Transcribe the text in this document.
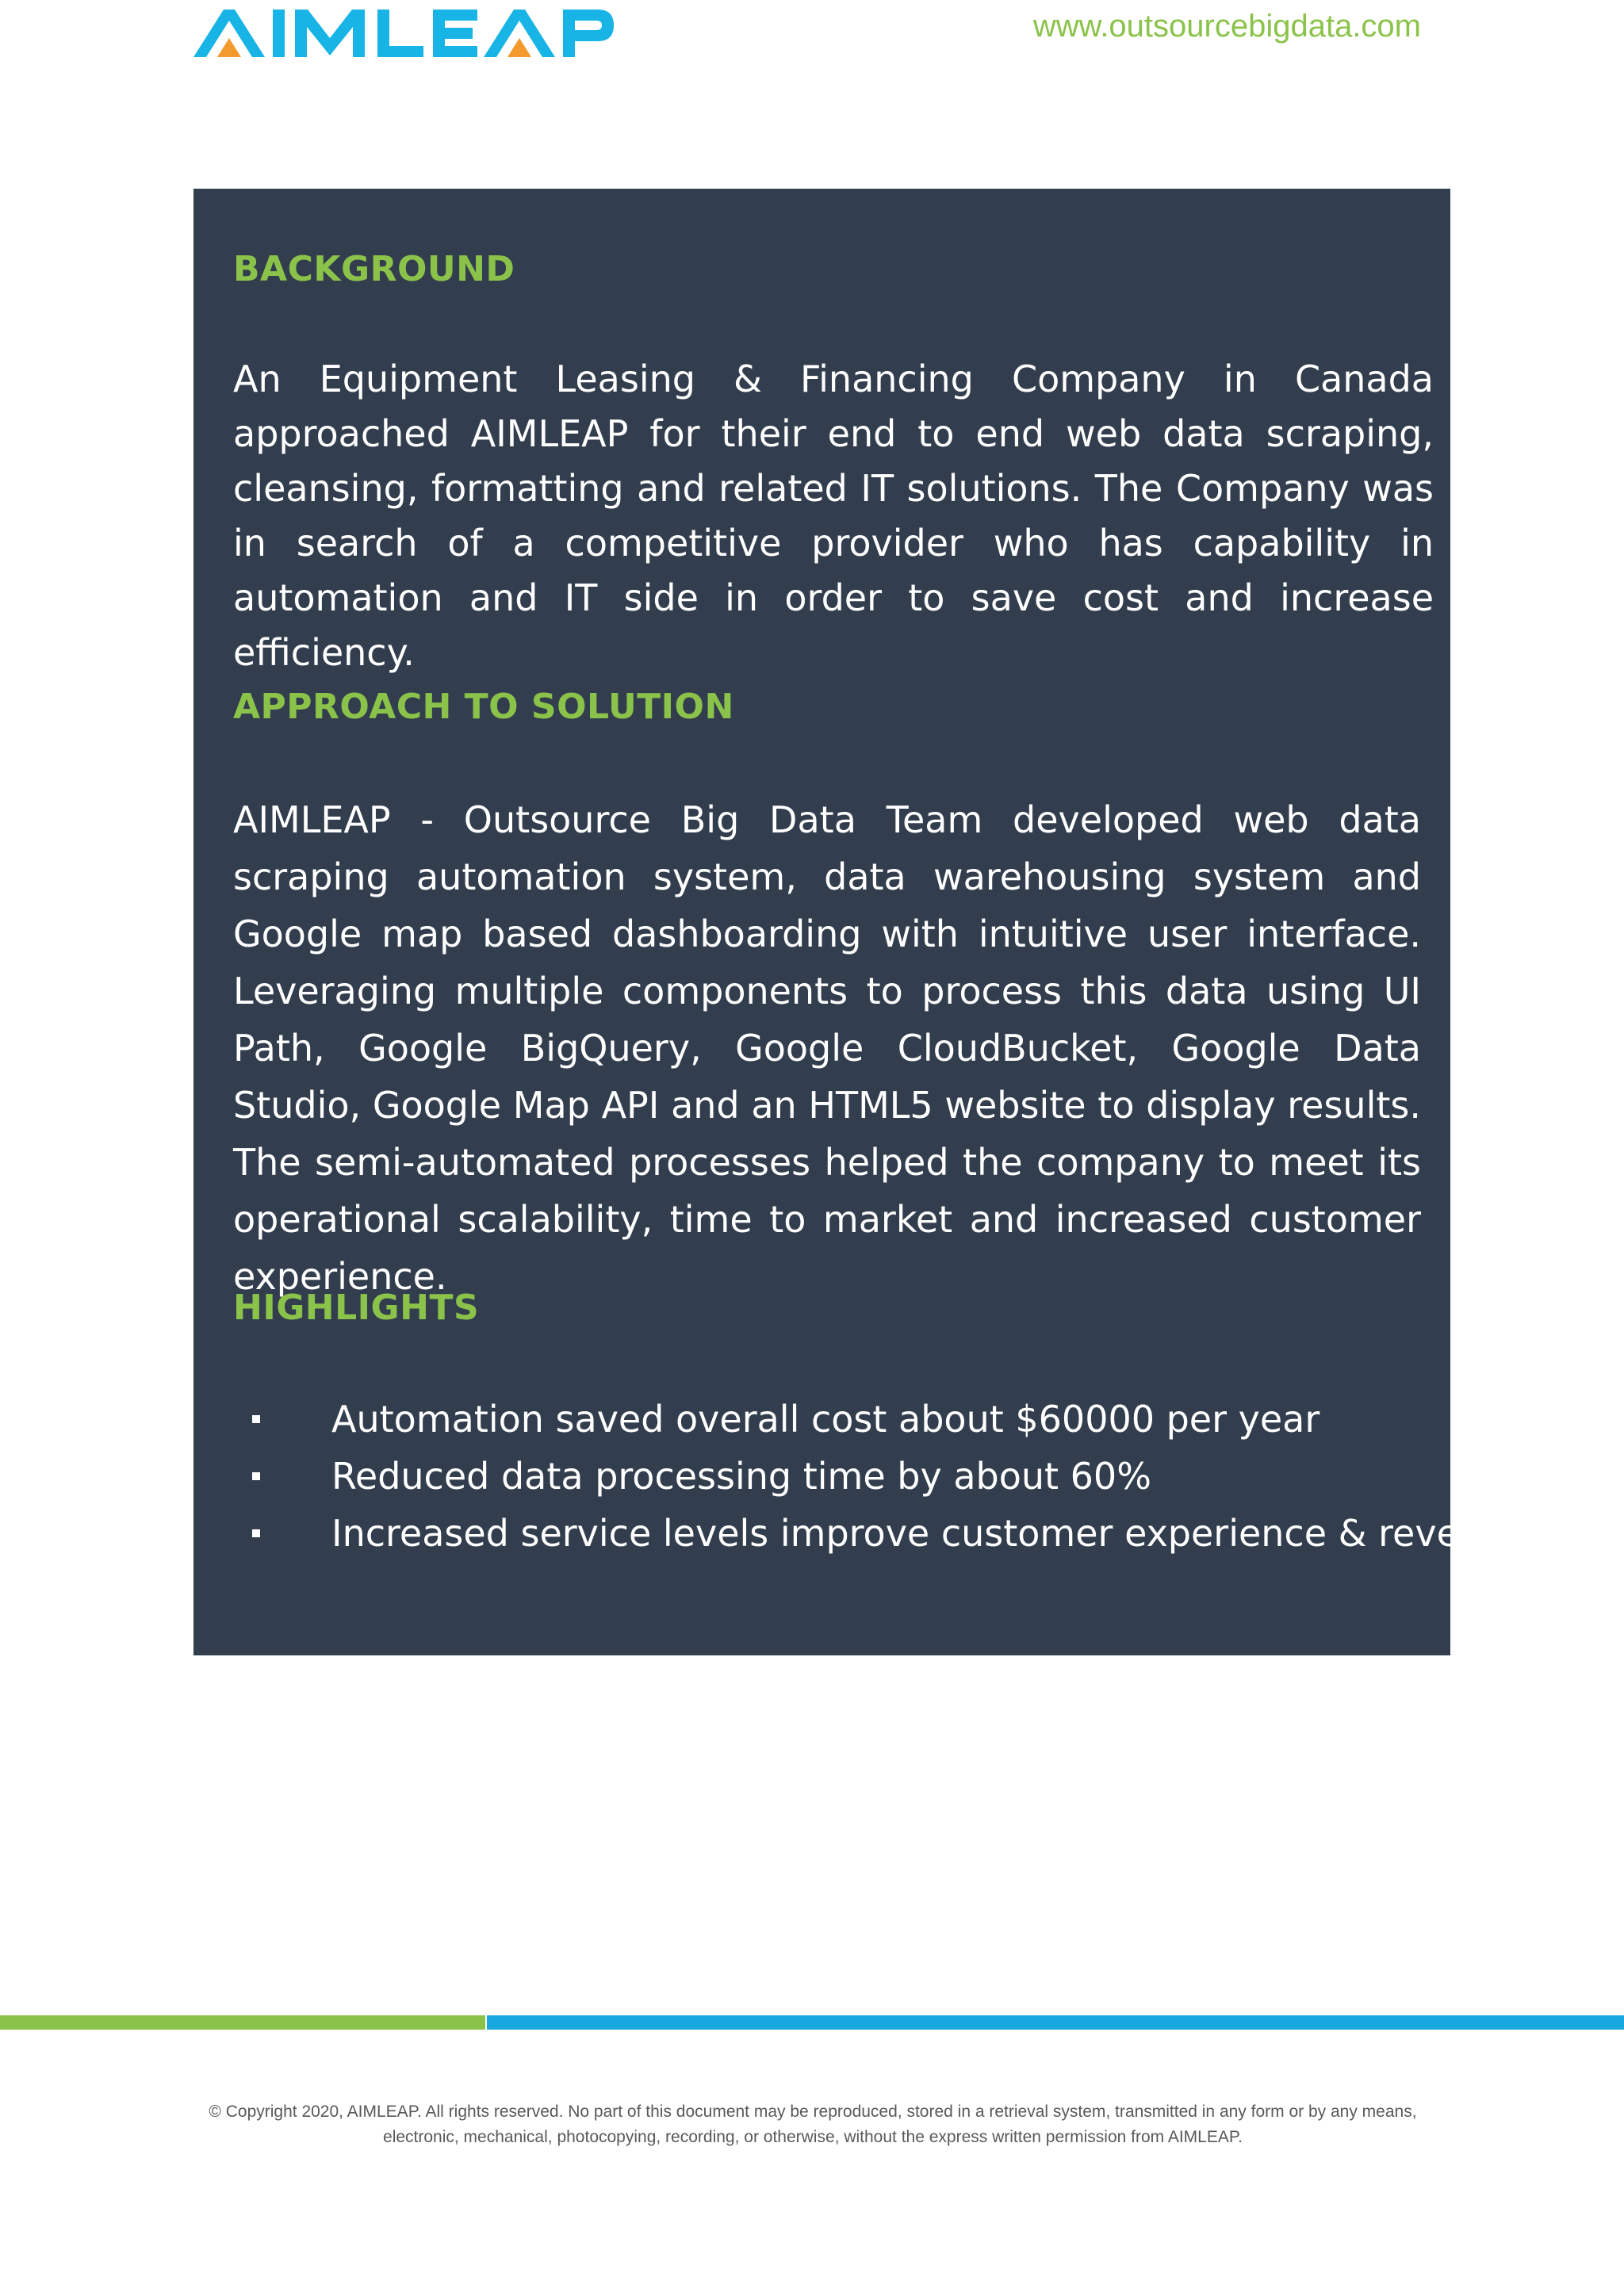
www.outsourcebigdata.com
BACKGROUND
An Equipment Leasing & Financing Company in Canada approached AIMLEAP for their end to end web data scraping, cleansing, formatting and related IT solutions. The Company was in search of a competitive provider who has capability in automation and IT side in order to save cost and increase efficiency.
APPROACH TO SOLUTION
AIMLEAP - Outsource Big Data Team developed web data scraping automation system, data warehousing system and Google map based dashboarding with intuitive user interface. Leveraging multiple components to process this data using UI Path, Google BigQuery, Google CloudBucket, Google Data Studio, Google Map API and an HTML5 website to display results. The semi-automated processes helped the company to meet its operational scalability, time to market and increased customer experience.
HIGHLIGHTS
Automation saved overall cost about $60000 per year
Reduced data processing time by about 60%
Increased service levels improve customer experience & revenue.
© Copyright 2020, AIMLEAP. All rights reserved. No part of this document may be reproduced, stored in a retrieval system, transmitted in any form or by any means,
electronic, mechanical, photocopying, recording, or otherwise, without the express written permission from AIMLEAP.
